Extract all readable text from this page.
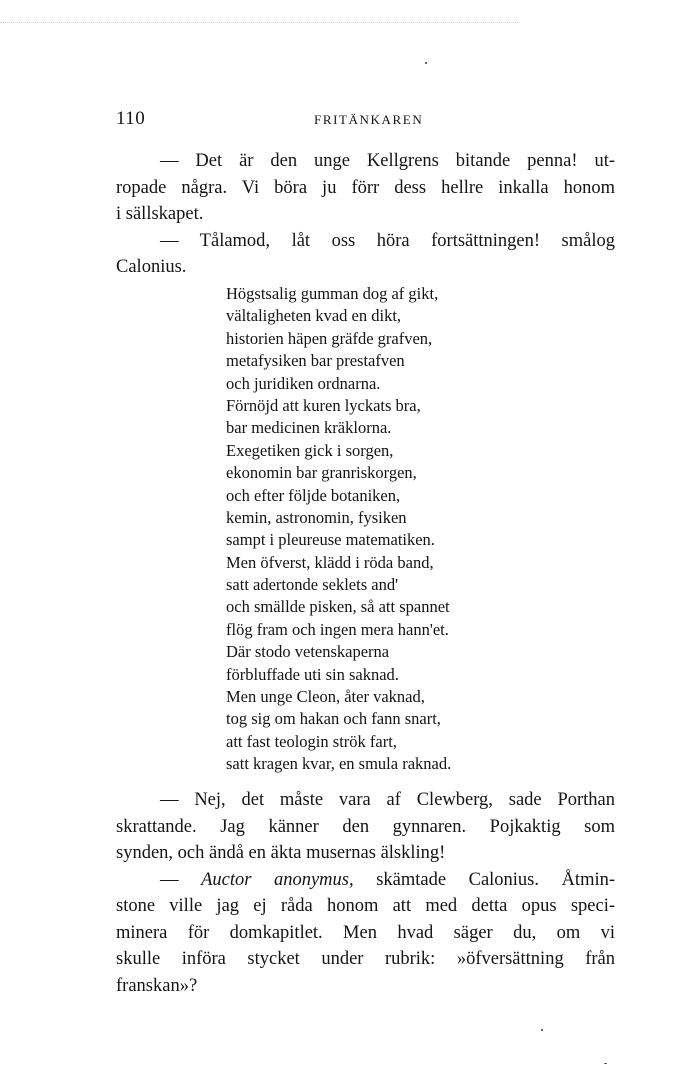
110	FRITÄNKAREN
— Det är den unge Kellgrens bitande penna! ut-
ropade några. Vi böra ju förr dess hellre inkalla honom
i sällskapet.
— Tålamod, låt oss höra fortsättningen! smålog
Calonius.
Högstsalig gumman dog af gikt,
vältaligheten kvad en dikt,
historien häpen gräfde grafven,
metafysiken bar prestafven
och juridiken ordnarna.
Förnöjd att kuren lyckats bra,
bar medicinen kräklorna.
Exegetiken gick i sorgen,
ekonomin bar granriskorgen,
och efter följde botaniken,
kemin, astronomin, fysiken
sampt i pleureuse matematiken.
Men öfverst, klädd i röda band,
satt adertonde seklets and'
och smällde pisken, så att spannet
flög fram och ingen mera hann'et.
Där stodo vetenskaperna
förbluffade uti sin saknad.
Men unge Cleon, åter vaknad,
tog sig om hakan och fann snart,
att fast teologin strök fart,
satt kragen kvar, en smula raknad.
— Nej, det måste vara af Clewberg, sade Porthan
skrattande. Jag känner den gynnaren. Pojkaktig som
synden, och ändå en äkta musernas älskling!
— Auctor anonymus, skämtade Calonius. Åtmin-
stone ville jag ej råda honom att med detta opus speci-
minera för domkapitlet. Men hvad säger du, om vi
skulle införa stycket under rubrik: »öfversättning från
franskan»?
